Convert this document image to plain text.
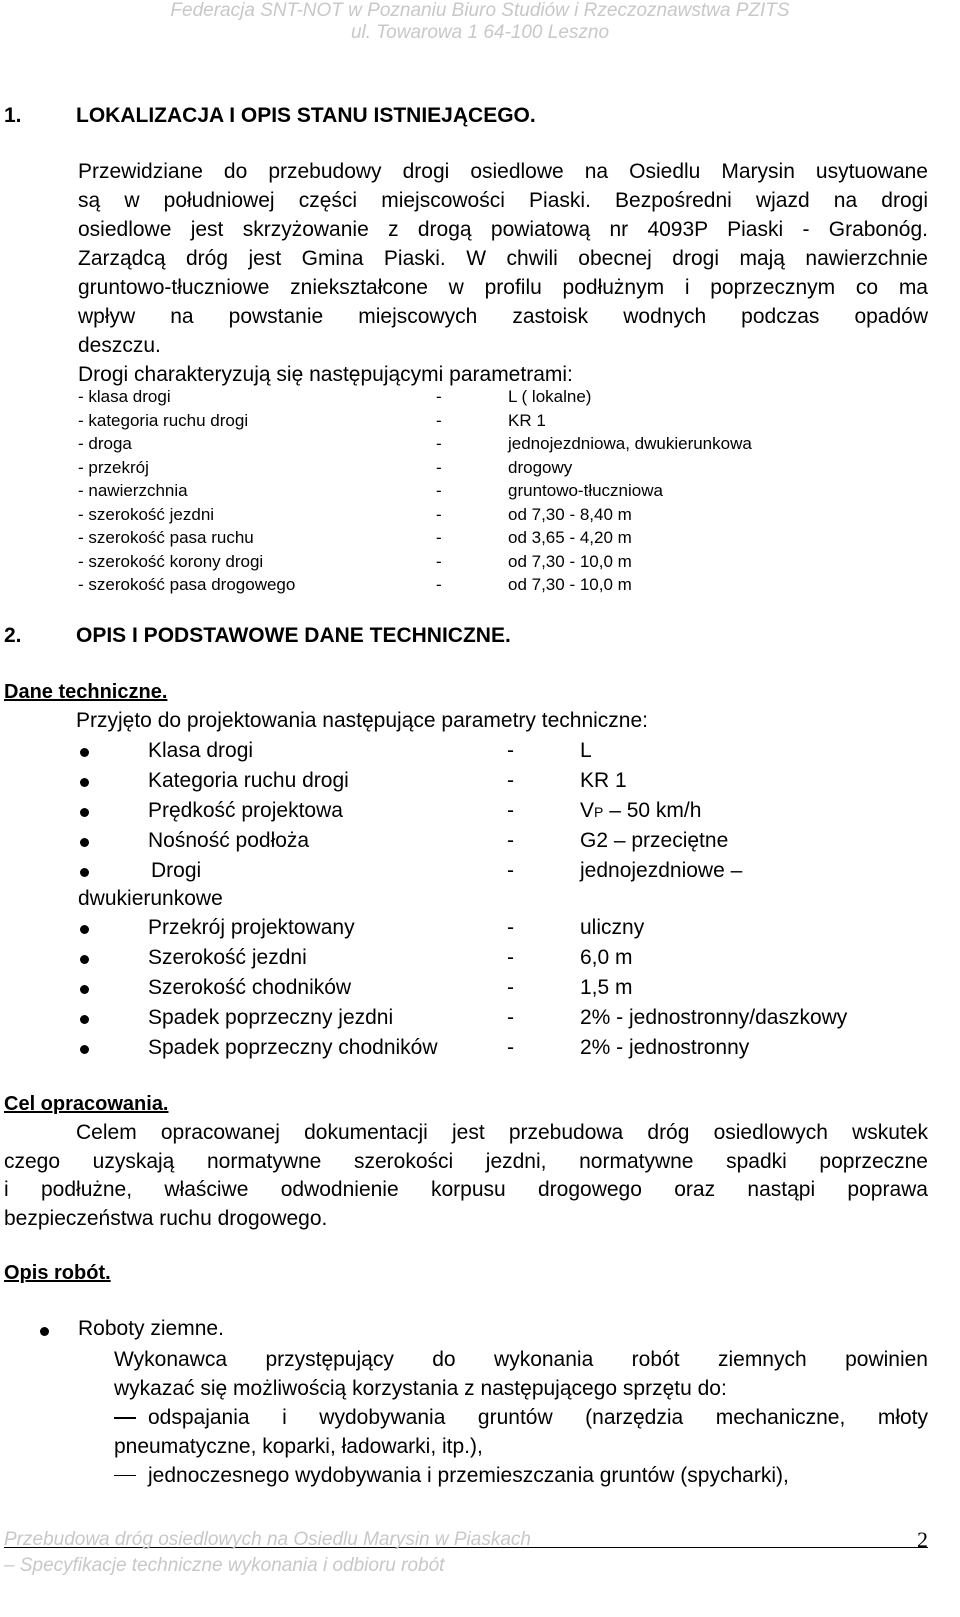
Federacja SNT-NOT w Poznaniu Biuro Studiów i Rzeczoznawstwa PZITS
ul. Towarowa 1 64-100 Leszno
1.	LOKALIZACJA I OPIS STANU ISTNIEJĄCEGO.
Przewidziane do przebudowy drogi osiedlowe na Osiedlu Marysin usytuowane
są w południowej części miejscowości Piaski. Bezpośredni wjazd na drogi
osiedlowe jest skrzyżowanie z drogą powiatową nr 4093P Piaski - Grabonóg.
Zarządcą dróg jest Gmina Piaski. W chwili obecnej drogi mają nawierzchnie
gruntowo-tłuczniowe zniekształcone w profilu podłużnym i poprzecznym co ma
wpływ na powstanie miejscowych zastoisk wodnych podczas opadów
deszczu.
Drogi charakteryzują się następującymi parametrami:
- klasa drogi	-	L ( lokalne)
- kategoria ruchu drogi	-	KR 1
- droga	-	jednojezdniowa, dwukierunkowa
- przekrój	-	drogowy
- nawierzchnia	-	gruntowo-tłuczniowa
- szerokość jezdni	-	od 7,30 - 8,40 m
- szerokość pasa ruchu	-	od 3,65 - 4,20 m
- szerokość korony drogi	-	od 7,30 - 10,0 m
- szerokość pasa drogowego	-	od 7,30 - 10,0 m
2.	OPIS I PODSTAWOWE DANE TECHNICZNE.
Dane techniczne.
Przyjęto do projektowania następujące parametry techniczne:
Klasa drogi	-	L
Kategoria ruchu drogi	-	KR 1
Prędkość projektowa	-	VP – 50 km/h
Nośność podłoża	-	G2 – przeciętne
Drogi	-	jednojezdniowe –
dwukierunkowe
Przekrój projektowany	-	uliczny
Szerokość jezdni	-	6,0 m
Szerokość chodników	-	1,5 m
Spadek poprzeczny jezdni	-	2% - jednostronny/daszkowy
Spadek poprzeczny chodników	-	2% - jednostronny
Cel opracowania.
Celem opracowanej dokumentacji jest przebudowa dróg osiedlowych wskutek
czego uzyskają normatywne szerokości jezdni, normatywne spadki poprzeczne
i podłużne, właściwe odwodnienie korpusu drogowego oraz nastąpi poprawa
bezpieczeństwa ruchu drogowego.
Opis robót.
Roboty ziemne.
Wykonawca przystępujący do wykonania robót ziemnych powinien
wykazać się możliwością korzystania z następującego sprzętu do:
odspajania i wydobywania gruntów (narzędzia mechaniczne, młoty
pneumatyczne, koparki, ładowarki, itp.),
jednoczesnego wydobywania i przemieszczania gruntów (spycharki),
Przebudowa dróg osiedlowych na Osiedlu Marysin w Piaskach
– Specyfikacje techniczne wykonania i odbioru robót
2
